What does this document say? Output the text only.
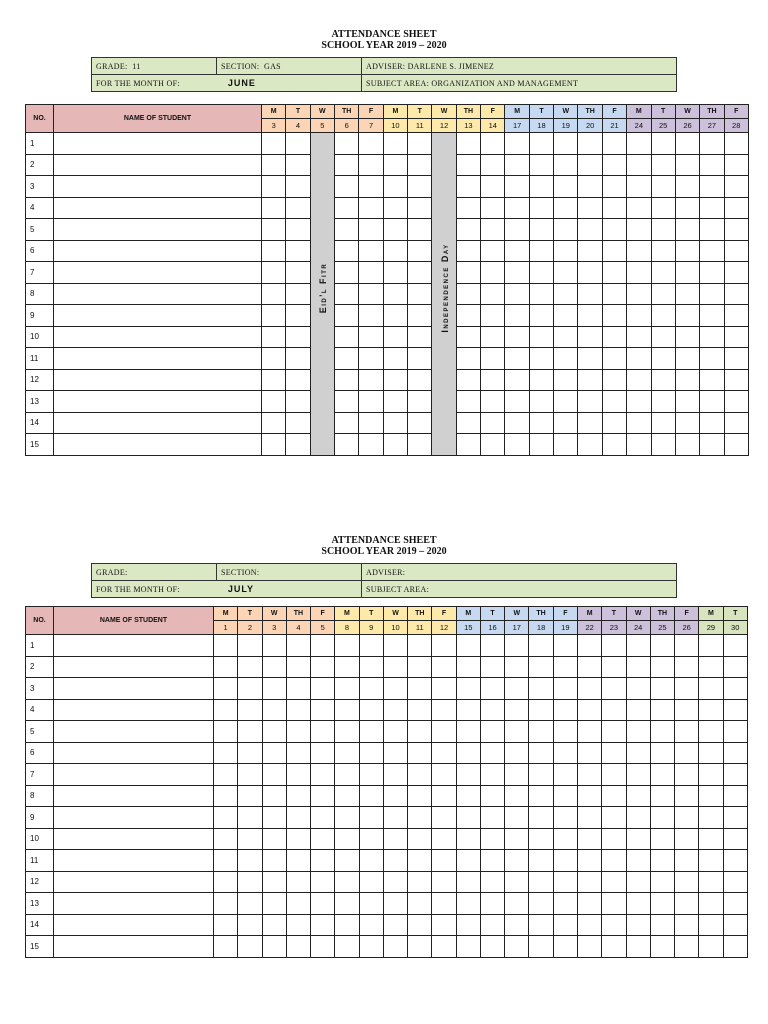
ATTENDANCE SHEET
SCHOOL YEAR 2019 – 2020
GRADE: 11	SECTION: GAS	ADVISER: DARLENE S. JIMENEZ
FOR THE MONTH OF: JUNE		SUBJECT AREA: ORGANIZATION AND MANAGEMENT
NO.	NAME OF STUDENT	M	T	W	TH	F	M	T	W	TH	F	M	T	W	TH	F	M	T	W	TH	F
		3	4	5	6	7	10	11	12	13	14	17	18	19	20	21	24	25	26	27	28
1				Eid'l Fitr					Independence Day												

2																					
3																					
4																					
5																					
6																					
7																					
8																					
9																					
10																					
11																					
12																					
13																					
14																					
15																					
ATTENDANCE SHEET
SCHOOL YEAR 2019 – 2020
GRADE:	SECTION:	ADVISER:
FOR THE MONTH OF: JULY		SUBJECT AREA:
NO.	NAME OF STUDENT	M	T	W	TH	F	M	T	W	TH	F	M	T	W	TH	F	M	T	W	TH	F	M	T
		1	2	3	4	5	8	9	10	11	12	15	16	17	18	19	22	23	24	25	26	29	30
1																							
2																							
3																							
4																							
5																							
6																							
7																							
8																							
9																							
10																							
11																							
12																							
13																							
14																							
15																							
